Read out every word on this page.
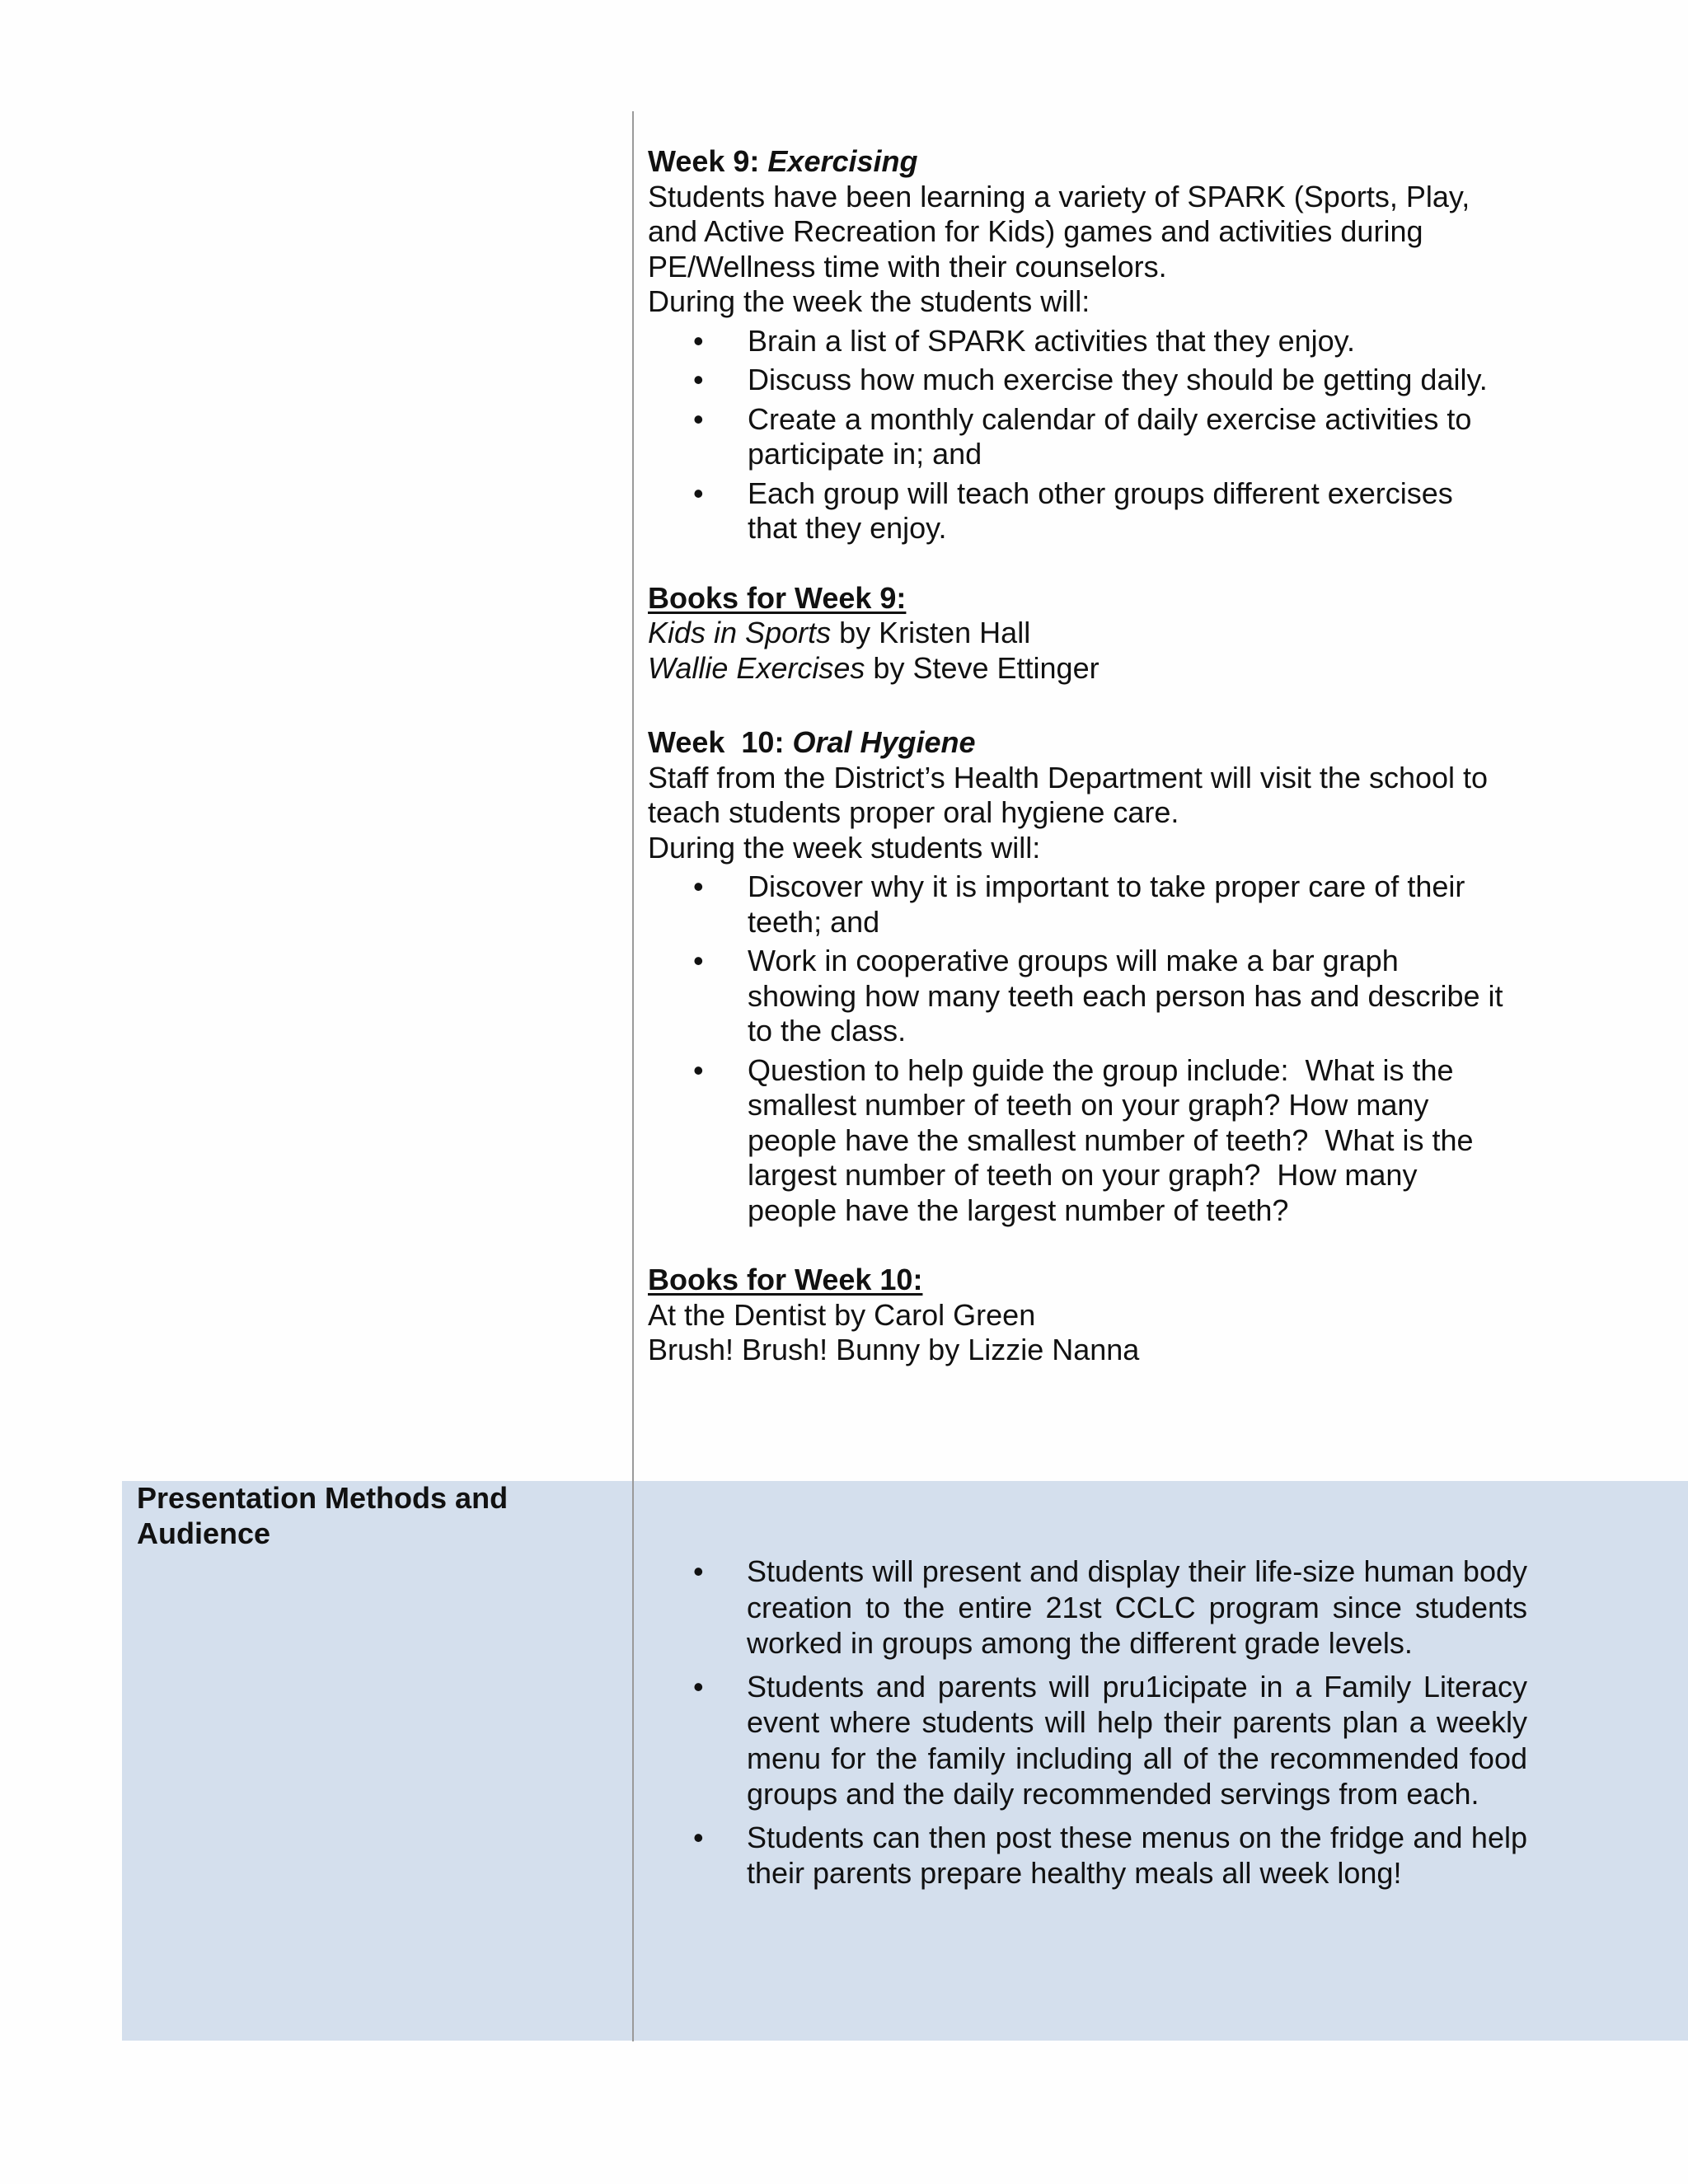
Week 9: Exercising

Students have been learning a variety of SPARK (Sports, Play,

and Active Recreation for Kids) games and activities during

PE/Wellness time with their counselors.

During the week the students will:

• Brain a list of SPARK activities that they enjoy.
• Discuss how much exercise they should be getting daily.
• Create a monthly calendar of daily exercise activities to
participate in; and
• Each group will teach other groups different exercises
that they enjoy.

Books for Week 9:

Kids in Sports by Kristen Hall

Wallie Exercises by Steve Ettinger

Week  10: Oral Hygiene

Staff from the District’s Health Department will visit the school to

teach students proper oral hygiene care.

During the week students will:

• Discover why it is important to take proper care of their
teeth; and
• Work in cooperative groups will make a bar graph
showing how many teeth each person has and describe it
to the class.
• Question to help guide the group include:  What is the
smallest number of teeth on your graph? How many
people have the smallest number of teeth?  What is the
largest number of teeth on your graph?  How many
people have the largest number of teeth?

Books for Week 10:

At the Dentist by Carol Green

Brush! Brush! Bunny by Lizzie Nanna

Presentation Methods and
Audience
• Students will present and display their life-size human body creation to the entire 21st CCLC program since students worked in groups among the different grade levels.
• Students and parents will pru1icipate in a Family Literacy event where students will help their parents plan a weekly menu for the family including all of the recommended food groups and the daily recommended servings from each.
• Students can then post these menus on the fridge and help their parents prepare healthy meals all week long!
